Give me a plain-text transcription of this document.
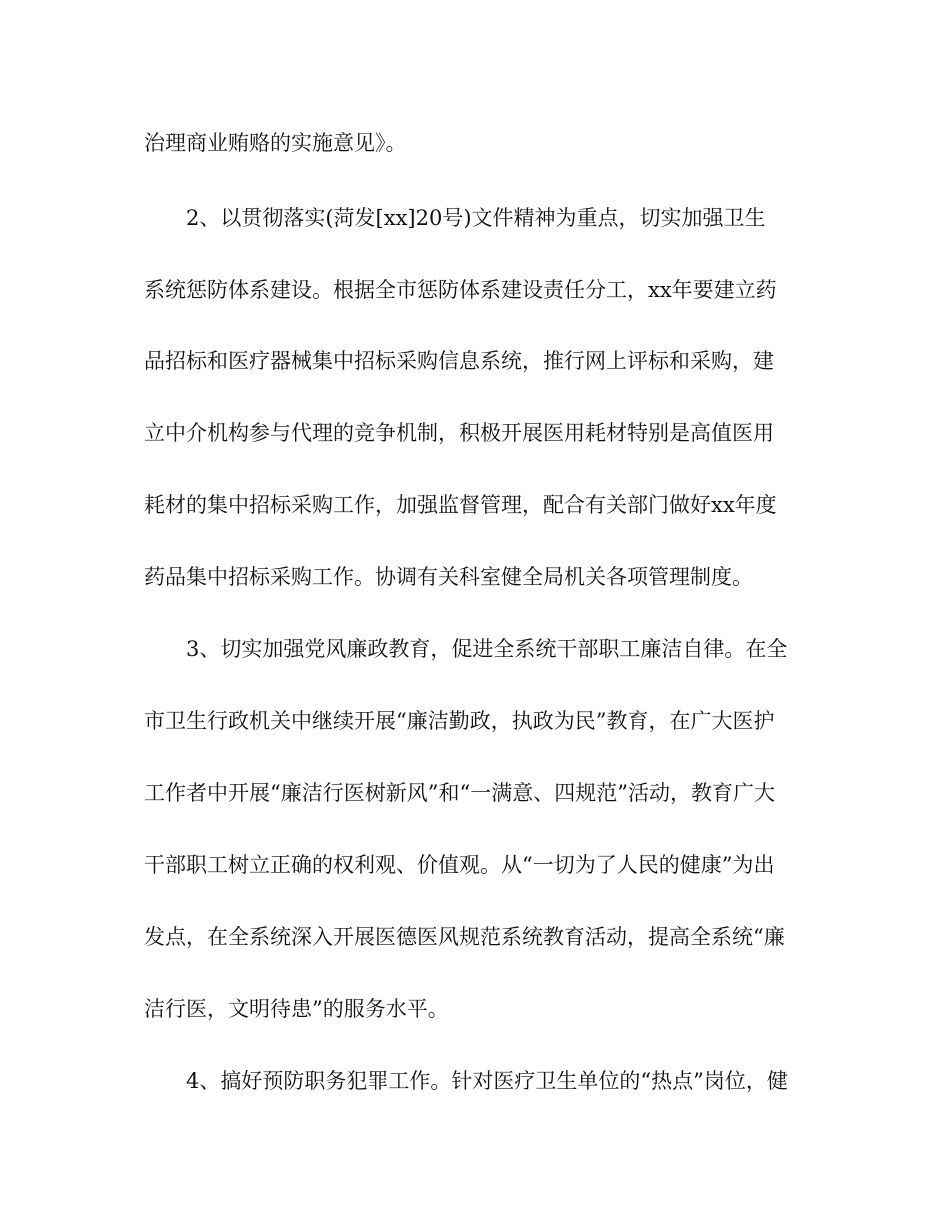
治理商业贿赂的实施意见》。
2、以贯彻落实(菏发[xx]20号)文件精神为重点，切实加强卫生
系统惩防体系建设。根据全市惩防体系建设责任分工，xx年要建立药
品招标和医疗器械集中招标采购信息系统，推行网上评标和采购，建
立中介机构参与代理的竞争机制，积极开展医用耗材特别是高值医用
耗材的集中招标采购工作，加强监督管理，配合有关部门做好xx年度
药品集中招标采购工作。协调有关科室健全局机关各项管理制度。
3、切实加强党风廉政教育，促进全系统干部职工廉洁自律。在全
市卫生行政机关中继续开展“廉洁勤政，执政为民”教育，在广大医护
工作者中开展“廉洁行医树新风”和“一满意、四规范”活动，教育广大
干部职工树立正确的权利观、价值观。从“一切为了人民的健康”为出
发点，在全系统深入开展医德医风规范系统教育活动，提高全系统“廉
洁行医，文明待患”的服务水平。
4、搞好预防职务犯罪工作。针对医疗卫生单位的“热点”岗位，健
